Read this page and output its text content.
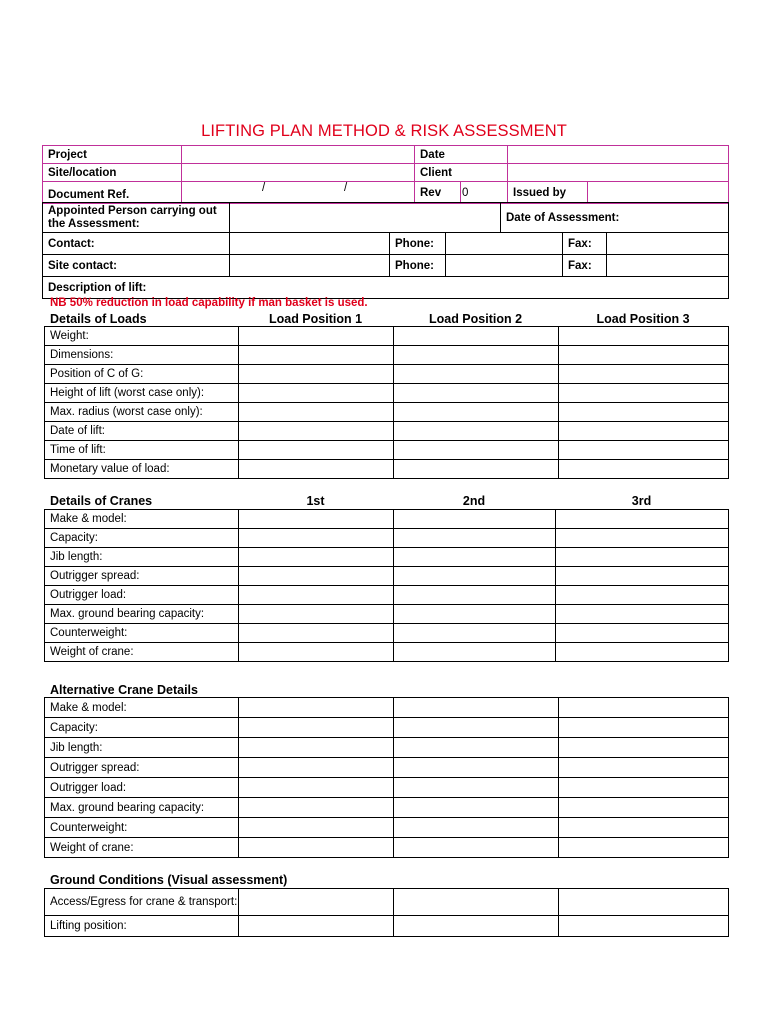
LIFTING PLAN METHOD & RISK ASSESSMENT
Project		Date			
Site/location		Client			
Document Ref.	/ /	Rev	0	Issued by	
Appointed Person carrying out the Assessment:				Date of Assessment:		
Contact:		Phone:			Fax:	
Site contact:		Phone:			Fax:	
Description of lift:						
NB 50% reduction in load capability if man basket is used.
Details of Loads	Load Position 1	Load Position 2	Load Position 3
Weight:			
Dimensions:			
Position of C of G:			
Height of lift (worst case only):			
Max. radius (worst case only):			
Date of lift:			
Time of lift:			
Monetary value of load:			
Details of Cranes	1st	2nd	3rd
Make & model:			
Capacity:			
Jib length:			
Outrigger spread:			
Outrigger load:			
Max. ground bearing capacity:			
Counterweight:			
Weight of crane:			
Alternative Crane Details
Make & model:			
Capacity:			
Jib length:			
Outrigger spread:			
Outrigger load:			
Max. ground bearing capacity:			
Counterweight:			
Weight of crane:			
Ground Conditions (Visual assessment)
Access/Egress for crane & transport:			
Lifting position:			
